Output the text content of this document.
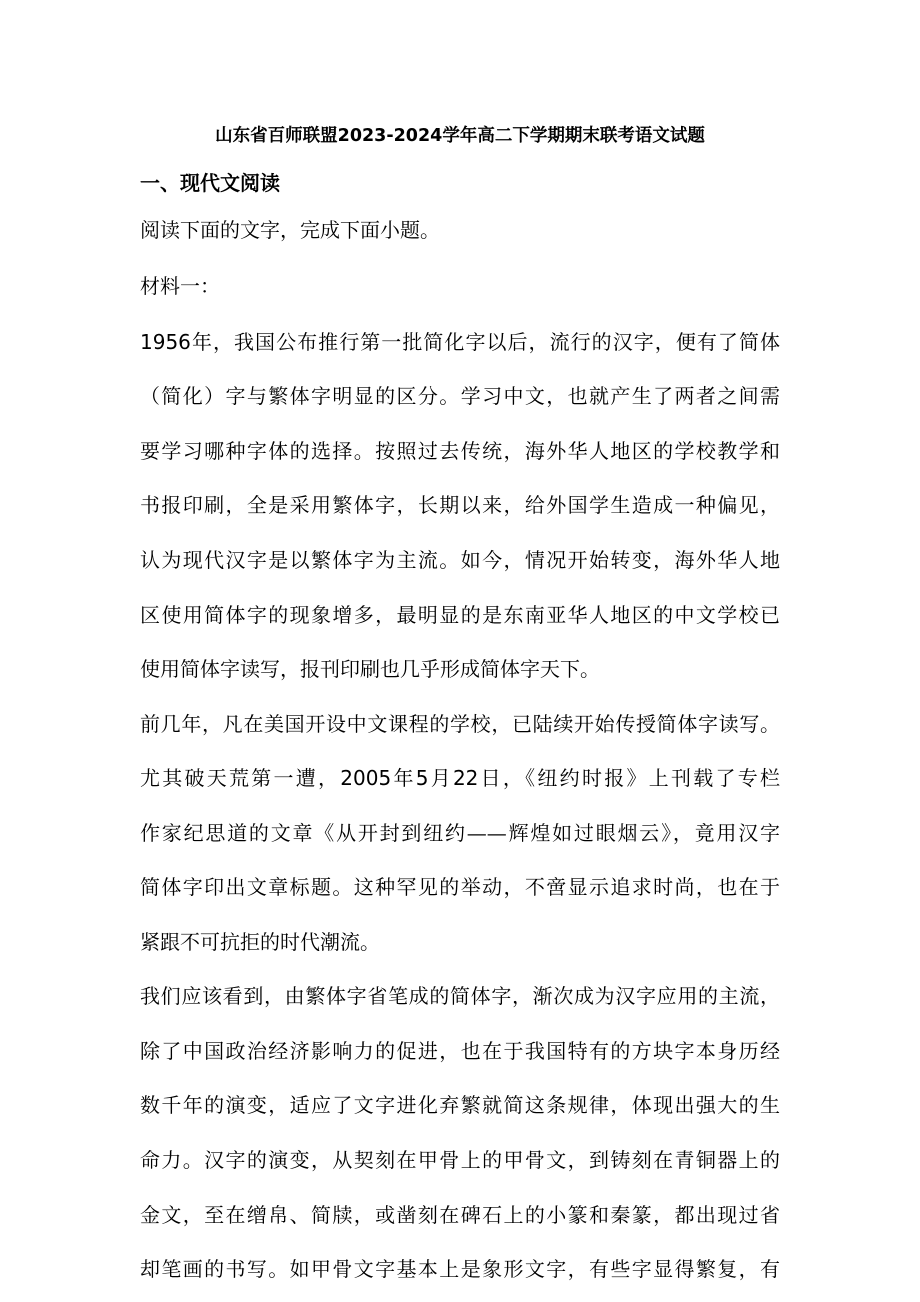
山东省百师联盟2023-2024学年高二下学期期末联考语文试题
一、现代文阅读
阅读下面的文字，完成下面小题。
材料一：
1956年，我国公布推行第一批简化字以后，流行的汉字，便有了简体
（简化）字与繁体字明显的区分。学习中文，也就产生了两者之间需
要学习哪种字体的选择。按照过去传统，海外华人地区的学校教学和
书报印刷，全是采用繁体字，长期以来，给外国学生造成一种偏见，
认为现代汉字是以繁体字为主流。如今，情况开始转变，海外华人地
区使用简体字的现象增多，最明显的是东南亚华人地区的中文学校已
使用简体字读写，报刊印刷也几乎形成简体字天下。
前几年，凡在美国开设中文课程的学校，已陆续开始传授简体字读写。
尤其破天荒第一遭，2005年5月22日，《纽约时报》上刊载了专栏
作家纪思道的文章《从开封到纽约——辉煌如过眼烟云》，竟用汉字
简体字印出文章标题。这种罕见的举动，不啻显示追求时尚，也在于
紧跟不可抗拒的时代潮流。
我们应该看到，由繁体字省笔成的简体字，渐次成为汉字应用的主流，
除了中国政治经济影响力的促进，也在于我国特有的方块字本身历经
数千年的演变，适应了文字进化弃繁就简这条规律，体现出强大的生
命力。汉字的演变，从契刻在甲骨上的甲骨文，到铸刻在青铜器上的
金文，至在缯帛、简牍，或凿刻在碑石上的小篆和秦篆，都出现过省
却笔画的书写。如甲骨文字基本上是象形文字，有些字显得繁复，有
